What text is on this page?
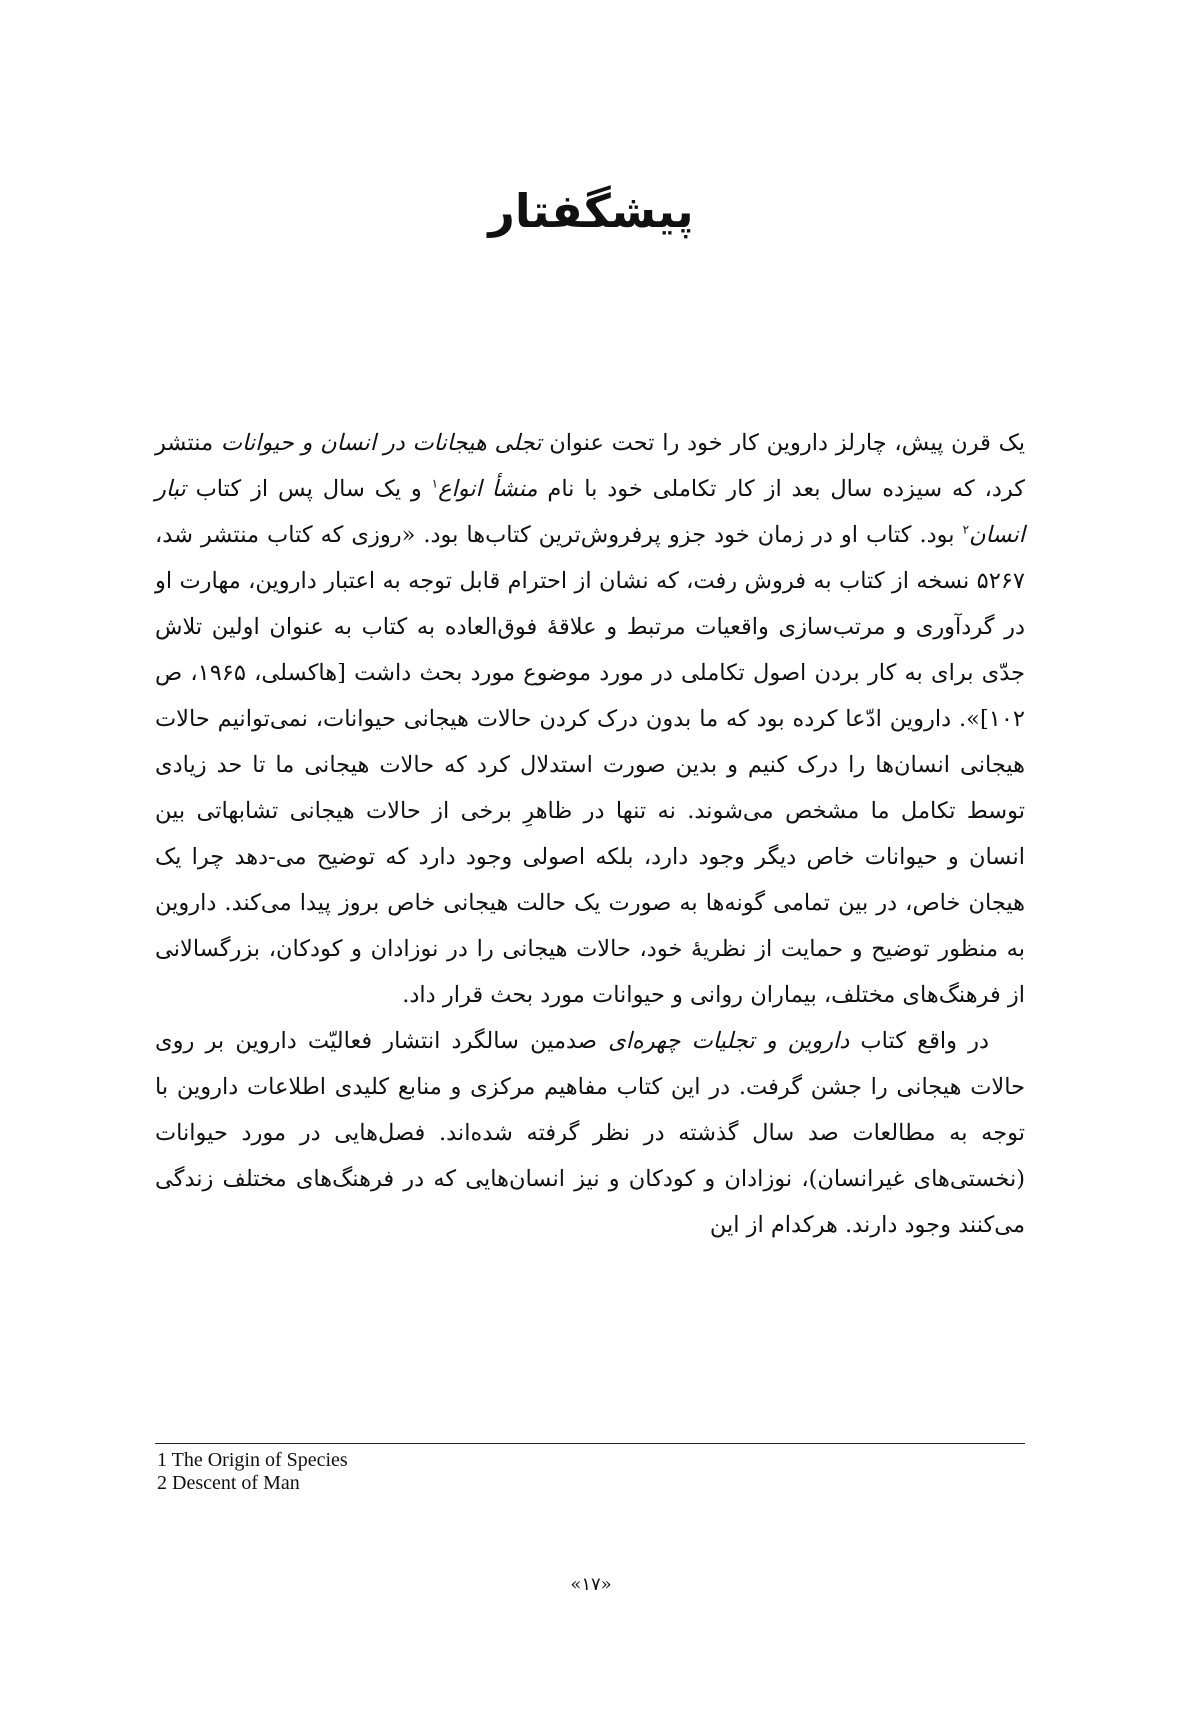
پیشگفتار

یک قرن پیش، چارلز داروین کار خود را تحت عنوان تجلی هیجانات در انسان و حیوانات منتشر کرد، که سیزده سال بعد از کار تکاملی خود با نام منشأ انواع$^۱$ و یک سال پس از کتاب تبار انسان$^۲$ بود. کتاب او در زمان خود جزو پرفروش‌ترین کتاب‌ها بود. «روزی که کتاب منتشر شد، ۵۲۶۷ نسخه از کتاب به فروش رفت، که نشان از احترام قابل توجه به اعتبار داروین، مهارت او در گردآوری و مرتب‌سازی واقعیات مرتبط و علاقهٔ فوق‌العاده به کتاب به عنوان اولین تلاش جدّی برای به کار بردن اصول تکاملی در مورد موضوع مورد بحث داشت [هاکسلی، ۱۹۶۵، ص ۱۰۲]». داروین ادّعا کرده بود که ما بدون درک کردن حالات هیجانی حیوانات، نمی‌توانیم حالات هیجانی انسان‌ها را درک کنیم و بدین صورت استدلال کرد که حالات هیجانی ما تا حد زیادی توسط تکامل ما مشخص می‌شوند. نه تنها در ظاهرِ برخی از حالات هیجانی تشابهاتی بین انسان و حیوانات خاص دیگر وجود دارد، بلکه اصولی وجود دارد که توضیح می-دهد چرا یک هیجان خاص، در بین تمامی گونه‌ها به صورت یک حالت هیجانی خاص بروز پیدا می‌کند. داروین به منظور توضیح و حمایت از نظریهٔ خود، حالات هیجانی را در نوزادان و کودکان، بزرگسالانی از فرهنگ‌های مختلف، بیماران روانی و حیوانات مورد بحث قرار داد.

در واقع کتاب داروین و تجلیات چهره‌ای صدمین سالگرد انتشار فعالیّت داروین بر روی حالات هیجانی را جشن گرفت. در این کتاب مفاهیم مرکزی و منابع کلیدی اطلاعات داروین با توجه به مطالعات صد سال گذشته در نظر گرفته شده‌اند. فصل‌هایی در مورد حیوانات (نخستی‌های غیرانسان)، نوزادان و کودکان و نیز انسان‌هایی که در فرهنگ‌های مختلف زندگی می‌کنند وجود دارند. هرکدام از این

1 The Origin of Species
2 Descent of Man
«۱۷»
